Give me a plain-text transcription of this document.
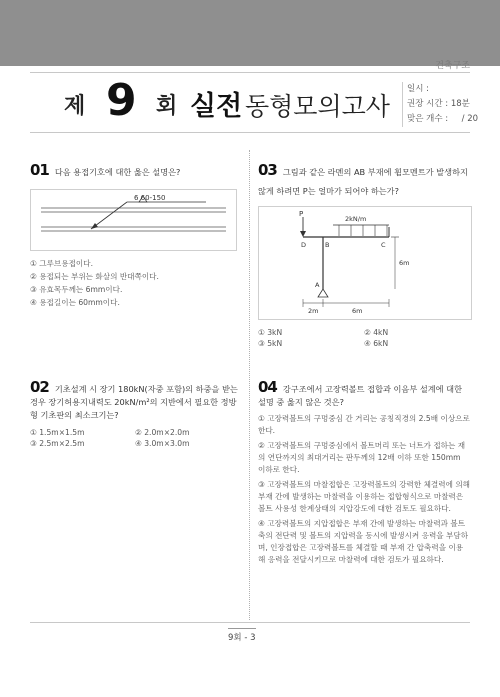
건축구조
제 9 회 실전 동형모의고사
일시 :
권장 시간 : 18분
맞은 개수 : / 20
01 다음 용접기호에 대한 옳은 설명은?
6 60-150
① 그루브용접이다.
② 용접되는 부위는 화살의 반대쪽이다.
③ 유효목두께는 6mm이다.
④ 용접길이는 60mm이다.
03 그림과 같은 라멘의 AB 부재에 휨모멘트가 발생하지 않게 하려면 P는 얼마가 되어야 하는가?
2kN/m
P
D	B	C
A
6m
2m	6m
① 3kN	② 4kN
③ 5kN	④ 6kN
02 기초설계 시 장기 180kN(자중 포함)의 하중을 받는 경우 장기허용지내력도 20kN/m²의 지반에서 필요한 정방형 기초판의 최소크기는?
① 1.5m×1.5m	② 2.0m×2.0m
③ 2.5m×2.5m	④ 3.0m×3.0m
04 강구조에서 고장력볼트 접합과 이음부 설계에 대한 설명 중 옳지 않은 것은?
① 고장력볼트의 구멍중심 간 거리는 공칭직경의 2.5배 이상으로 한다.
② 고장력볼트의 구멍중심에서 볼트머리 또는 너트가 접하는 재의 연단까지의 최대거리는 판두께의 12배 이하 또한 150mm 이하로 한다.
③ 고장력볼트의 마찰접합은 고장력볼트의 강력한 체결력에 의해 부재 간에 발생하는 마찰력을 이용하는 접합형식으로 마찰력은 볼트 사용성 한계상태의 지압강도에 대한 검토도 필요하다.
④ 고장력볼트의 지압접합은 부재 간에 발생하는 마찰력과 볼트축의 전단력 및 볼트의 지압력을 동시에 발생시켜 응력을 부담하며, 인장접합은 고장력볼트를 체결할 때 부재 간 압축력을 이용해 응력을 전달시키므로 마찰력에 대한 검토가 필요하다.
9회 - 3
